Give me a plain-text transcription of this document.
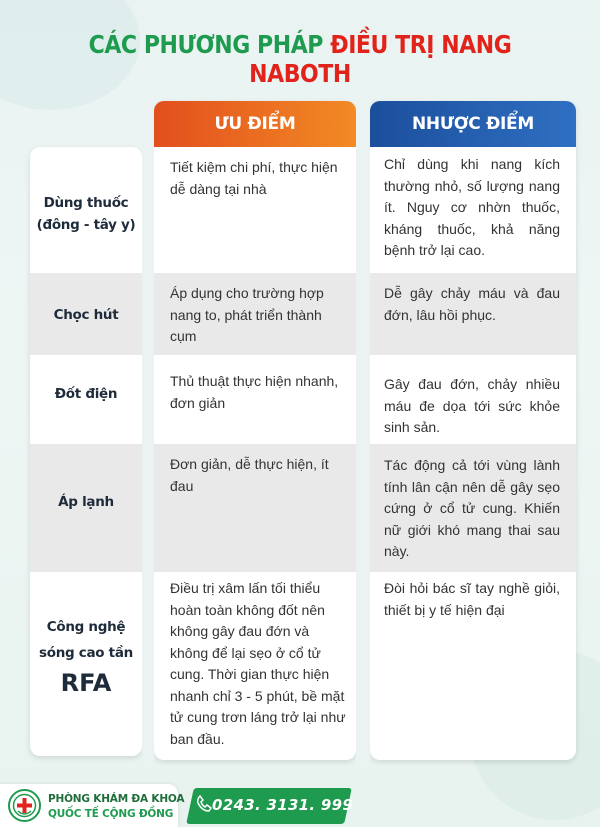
CÁC PHƯƠNG PHÁP ĐIỀU TRỊ NANG NABOTH
ƯU ĐIỂM	NHƯỢC ĐIỂM
Dùng thuốc
(đông - tây y)
Tiết kiệm chi phí, thực hiện dễ dàng tại nhà
Chỉ dùng khi nang kích thường nhỏ, số lượng nang ít. Nguy cơ nhờn thuốc, kháng thuốc, khả năng bệnh trở lại cao.
Chọc hút
Áp dụng cho trường hợp nang to, phát triển thành cụm
Dễ gây chảy máu và đau đớn, lâu hồi phục.
Đốt điện
Thủ thuật thực hiện nhanh, đơn giản
Gây đau đớn, chảy nhiều máu đe dọa tới sức khỏe sinh sản.
Áp lạnh
Đơn giản, dễ thực hiện, ít đau
Tác động cả tới vùng lành tính lân cận nên dễ gây sẹo cứng ở cổ tử cung. Khiến nữ giới khó mang thai sau này.
Công nghệ
sóng cao tần
RFA
Điều trị xâm lấn tối thiểu hoàn toàn không đốt nên không gây đau đớn và không để lại sẹo ở cổ tử cung. Thời gian thực hiện nhanh chỉ 3 - 5 phút, bề mặt tử cung trơn láng trở lại như ban đầu.
Đòi hỏi bác sĩ tay nghề giỏi, thiết bị y tế hiện đại
PHÒNG KHÁM ĐA KHOA
QUỐC TẾ CỘNG ĐỒNG	0243. 3131. 999
